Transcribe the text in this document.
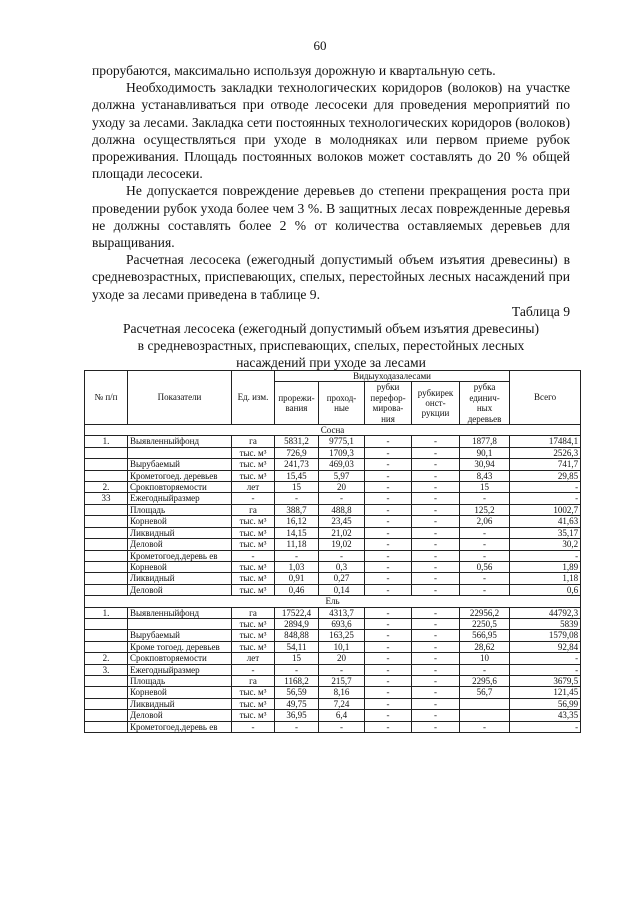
60

прорубаются, максимально используя дорожную и квартальную сеть.

Необходимость закладки технологических коридоров (волоков) на участке должна устанавливаться при отводе лесосеки для проведения мероприятий по уходу за лесами. Закладка сети постоянных технологических коридоров (волоков) должна осуществляться при уходе в молодняках или первом приеме рубок прореживания. Площадь постоянных волоков может составлять до 20 % общей площади лесосеки.

Не допускается повреждение деревьев до степени прекращения роста при проведении рубок ухода более чем 3 %. В защитных лесах поврежденные деревья не должны составлять более 2 % от количества оставляемых деревьев для выращивания.

Расчетная лесосека (ежегодный допустимый объем изъятия древесины) в средневозрастных, приспевающих, спелых, перестойных лесных насаждений при уходе за лесами приведена в таблице 9.

Таблица 9

Расчетная лесосека (ежегодный допустимый объем изъятия древесины)
в средневозрастных, приспевающих, спелых, перестойных лесных
насаждений при уходе за лесами

№ п/п	Показатели	Ед. изм.	Видыуходазалесами					Всего
			прорежи-вания	проход-ные	рубки перефор-мирова-ния	рубкирек онст-рукции	рубка единич-ных деревьев	
Сосна								
1.	Выявленныйфонд	га	5831,2	9775,1	-	-	1877,8	17484,1
		тыс. м³	726,9	1709,3	-	-	90,1	2526,3
	Вырубаемый	тыс. м³	241,73	469,03	-	-	30,94	741,7
	Крометогоед. деревьев	тыс. м³	15,45	5,97	-	-	8,43	29,85
2.	Срокповторяемости	лет	15	20	-	-	15	-
33	Ежегодныйразмер	-	-	-	-	-	-	-
	Площадь	га	388,7	488,8	-	-	125,2	1002,7
	Корневой	тыс. м³	16,12	23,45	-	-	2,06	41,63
	Ликвидный	тыс. м³	14,15	21,02	-	-	-	35,17
	Деловой	тыс. м³	11,18	19,02	-	-	-	30,2
	Крометогоед.деревь ев	-	-	-	-	-	-	-
	Корневой	тыс. м³	1,03	0,3	-	-	0,56	1,89
	Ликвидный	тыс. м³	0,91	0,27	-	-	-	1,18
	Деловой	тыс. м³	0,46	0,14	-	-	-	0,6
Ель								
1.	Выявленныйфонд	га	17522,4	4313,7	-	-	22956,2	44792,3
		тыс. м³	2894,9	693,6	-	-	2250,5	5839
	Вырубаемый	тыс. м³	848,88	163,25	-	-	566,95	1579,08
	Кроме тогоед. деревьев	тыс. м³	54,11	10,1	-	-	28,62	92,84
2.	Срокповторяемости	лет	15	20	-	-	10	-
3.	Ежегодныйразмер	-	-	-	-	-	-	-
	Площадь	га	1168,2	215,7	-	-	2295,6	3679,5
	Корневой	тыс. м³	56,59	8,16	-	-	56,7	121,45
	Ликвидный	тыс. м³	49,75	7,24	-	-		56,99
	Деловой	тыс. м³	36,95	6,4	-	-		43,35
	Крометогоед.деревь ев	-	-	-	-	-	-	-
